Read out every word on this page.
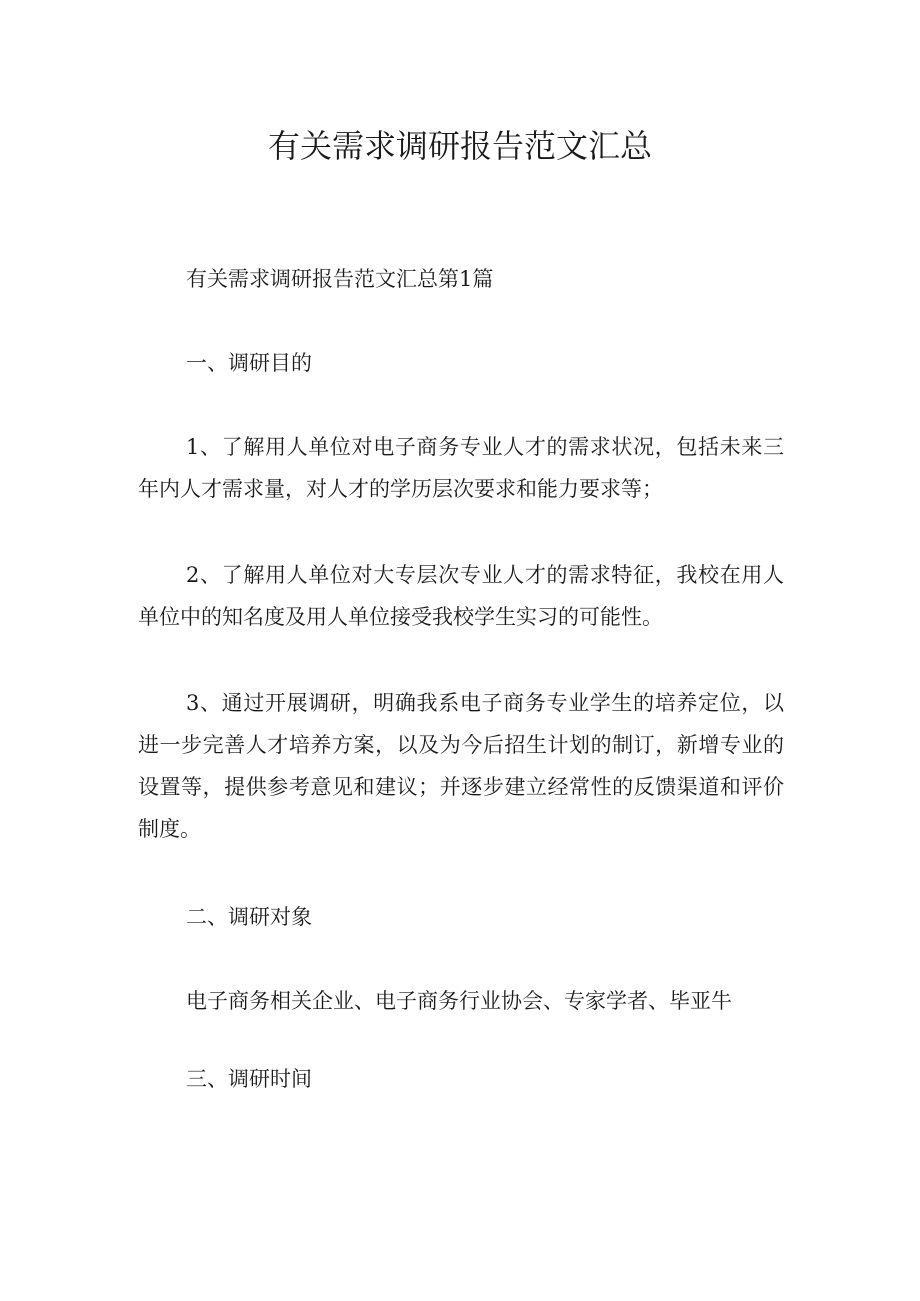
有关需求调研报告范文汇总

有关需求调研报告范文汇总第1篇

一、调研目的

1、了解用人单位对电子商务专业人才的需求状况，包括未来三年内人才需求量，对人才的学历层次要求和能力要求等；

2、了解用人单位对大专层次专业人才的需求特征，我校在用人单位中的知名度及用人单位接受我校学生实习的可能性。

3、通过开展调研，明确我系电子商务专业学生的培养定位，以进一步完善人才培养方案，以及为今后招生计划的制订，新增专业的设置等，提供参考意见和建议；并逐步建立经常性的反馈渠道和评价制度。

二、调研对象

电子商务相关企业、电子商务行业协会、专家学者、毕亚牛

三、调研时间
